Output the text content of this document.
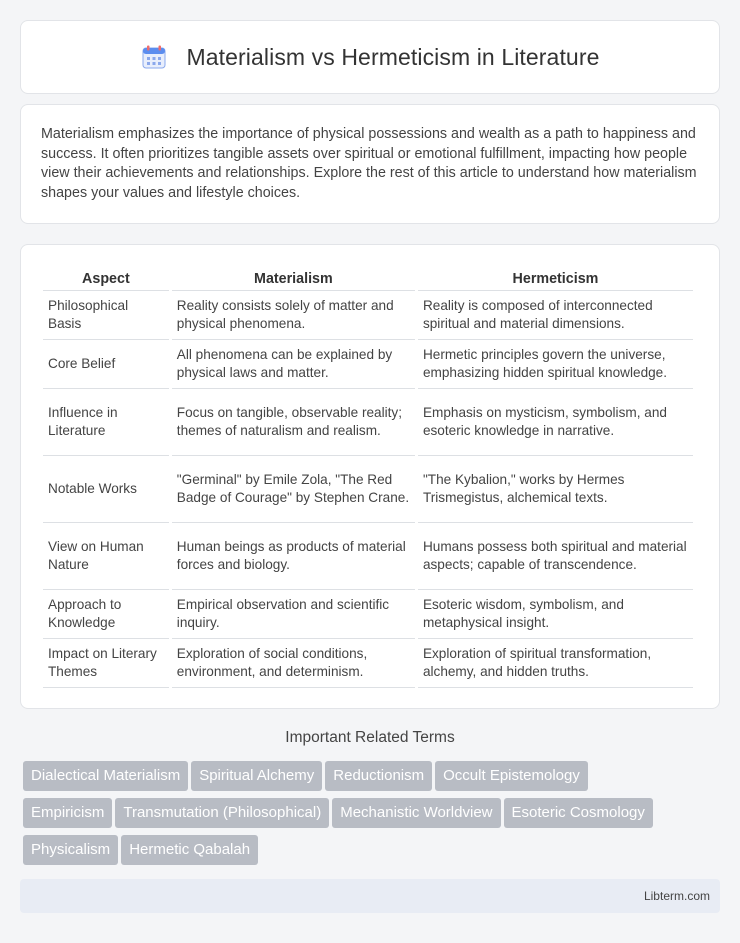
Materialism vs Hermeticism in Literature

Materialism emphasizes the importance of physical possessions and wealth as a path to happiness and success. It often prioritizes tangible assets over spiritual or emotional fulfillment, impacting how people view their achievements and relationships. Explore the rest of this article to understand how materialism shapes your values and lifestyle choices.

Aspect	Materialism	Hermeticism
Philosophical Basis	Reality consists solely of matter and physical phenomena.	Reality is composed of interconnected spiritual and material dimensions.
Core Belief	All phenomena can be explained by physical laws and matter.	Hermetic principles govern the universe, emphasizing hidden spiritual knowledge.
Influence in Literature	Focus on tangible, observable reality; themes of naturalism and realism.	Emphasis on mysticism, symbolism, and esoteric knowledge in narrative.
Notable Works	"Germinal" by Emile Zola, "The Red Badge of Courage" by Stephen Crane.	"The Kybalion," works by Hermes Trismegistus, alchemical texts.
View on Human Nature	Human beings as products of material forces and biology.	Humans possess both spiritual and material aspects; capable of transcendence.
Approach to Knowledge	Empirical observation and scientific inquiry.	Esoteric wisdom, symbolism, and metaphysical insight.
Impact on Literary Themes	Exploration of social conditions, environment, and determinism.	Exploration of spiritual transformation, alchemy, and hidden truths.
Important Related Terms
Dialectical Materialism Spiritual Alchemy Reductionism Occult Epistemology
Empiricism Transmutation (Philosophical) Mechanistic Worldview Esoteric Cosmology
Physicalism Hermetic Qabalah
Libterm.com
